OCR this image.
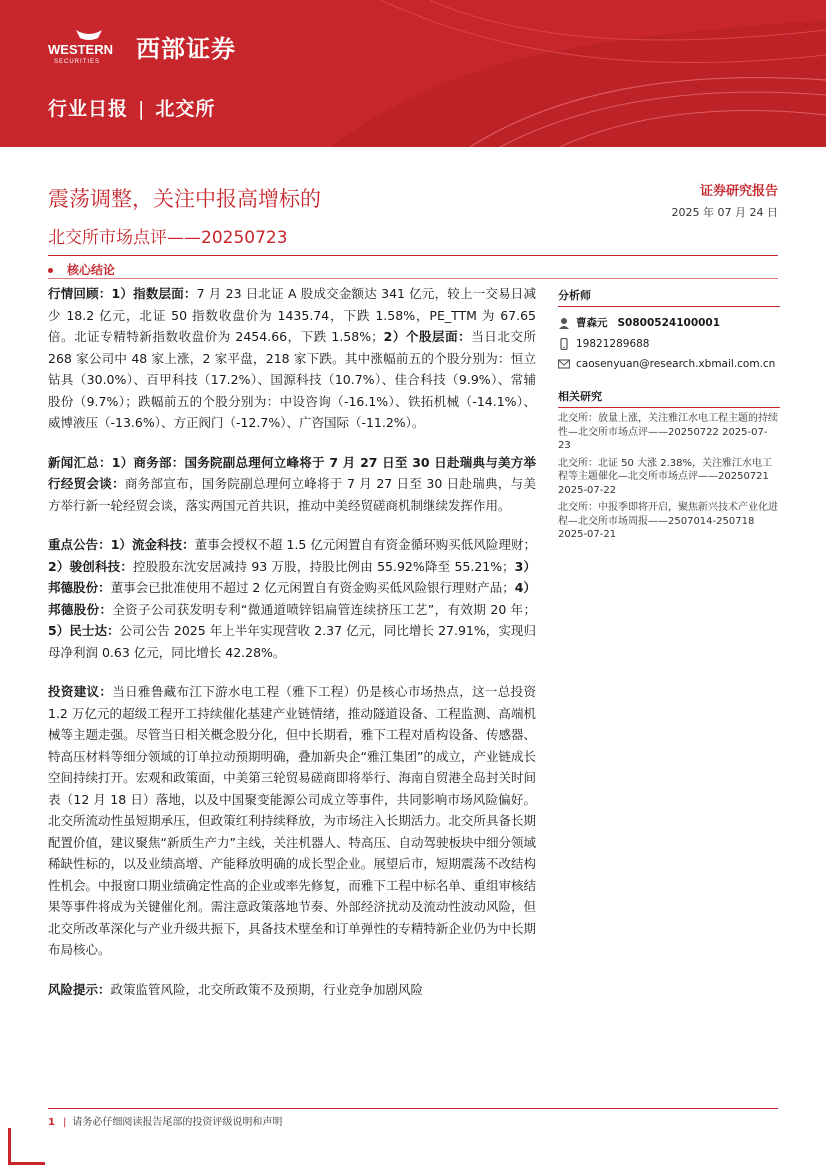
WESTERN
SECURITIES 西部证券
行业日报 | 北交所
震荡调整，关注中报高增标的
北交所市场点评——20250723
证券研究报告
2025 年 07 月 24 日
核心结论

行情回顾：1）指数层面：7 月 23 日北证 A 股成交金额达 341 亿元，较上一交易日减少 18.2 亿元，北证 50 指数收盘价为 1435.74，下跌 1.58%，PE_TTM 为 67.65 倍。北证专精特新指数收盘价为 2454.66，下跌 1.58%；2）个股层面：当日北交所 268 家公司中 48 家上涨，2 家平盘，218 家下跌。其中涨幅前五的个股分别为：恒立钻具（30.0%）、百甲科技（17.2%）、国源科技（10.7%）、佳合科技（9.9%）、常辅股份（9.7%）；跌幅前五的个股分别为：中设咨询（-16.1%）、铁拓机械（-14.1%）、威博液压（-13.6%）、方正阀门（-12.7%）、广咨国际（-11.2%）。

新闻汇总：1）商务部：国务院副总理何立峰将于 7 月 27 日至 30 日赴瑞典与美方举行经贸会谈：商务部宣布，国务院副总理何立峰将于 7 月 27 日至 30 日赴瑞典，与美方举行新一轮经贸会谈，落实两国元首共识，推动中美经贸磋商机制继续发挥作用。

重点公告：1）流金科技：董事会授权不超 1.5 亿元闲置自有资金循环购买低风险理财；2）骏创科技：控股股东沈安居减持 93 万股，持股比例由 55.92%降至 55.21%；3）邦德股份：董事会已批准使用不超过 2 亿元闲置自有资金购买低风险银行理财产品；4）邦德股份：全资子公司获发明专利“微通道喷锌铝扁管连续挤压工艺”，有效期 20 年；5）民士达：公司公告 2025 年上半年实现营收 2.37 亿元，同比增长 27.91%，实现归母净利润 0.63 亿元，同比增长 42.28%。

投资建议：当日雅鲁藏布江下游水电工程（雅下工程）仍是核心市场热点，这一总投资 1.2 万亿元的超级工程开工持续催化基建产业链情绪，推动隧道设备、工程监测、高端机械等主题走强。尽管当日相关概念股分化，但中长期看，雅下工程对盾构设备、传感器、特高压材料等细分领域的订单拉动预期明确，叠加新央企“雅江集团”的成立，产业链成长空间持续打开。宏观和政策面，中美第三轮贸易磋商即将举行、海南自贸港全岛封关时间表（12 月 18 日）落地，以及中国聚变能源公司成立等事件，共同影响市场风险偏好。北交所流动性虽短期承压，但政策红利持续释放，为市场注入长期活力。北交所具备长期配置价值，建议聚焦“新质生产力”主线，关注机器人、特高压、自动驾驶板块中细分领域稀缺性标的，以及业绩高增、产能释放明确的成长型企业。展望后市，短期震荡不改结构性机会。中报窗口期业绩确定性高的企业或率先修复，而雅下工程中标名单、重组审核结果等事件将成为关键催化剂。需注意政策落地节奏、外部经济扰动及流动性波动风险，但北交所改革深化与产业升级共振下，具备技术壁垒和订单弹性的专精特新企业仍为中长期布局核心。

风险提示：政策监管风险，北交所政策不及预期，行业竞争加剧风险

分析师
曹森元 S0800524100001
19821289688
caosenyuan@research.xbmail.com.cn
相关研究

北交所：放量上涨，关注雅江水电工程主题的持续性—北交所市场点评——20250722 2025-07-23

北交所：北证 50 大涨 2.38%，关注雅江水电工程等主题催化—北交所市场点评——20250721 2025-07-22

北交所：中报季即将开启，聚焦新兴技术产业化进程—北交所市场周报——2507014-250718 2025-07-21

1 | 请务必仔细阅读报告尾部的投资评级说明和声明
